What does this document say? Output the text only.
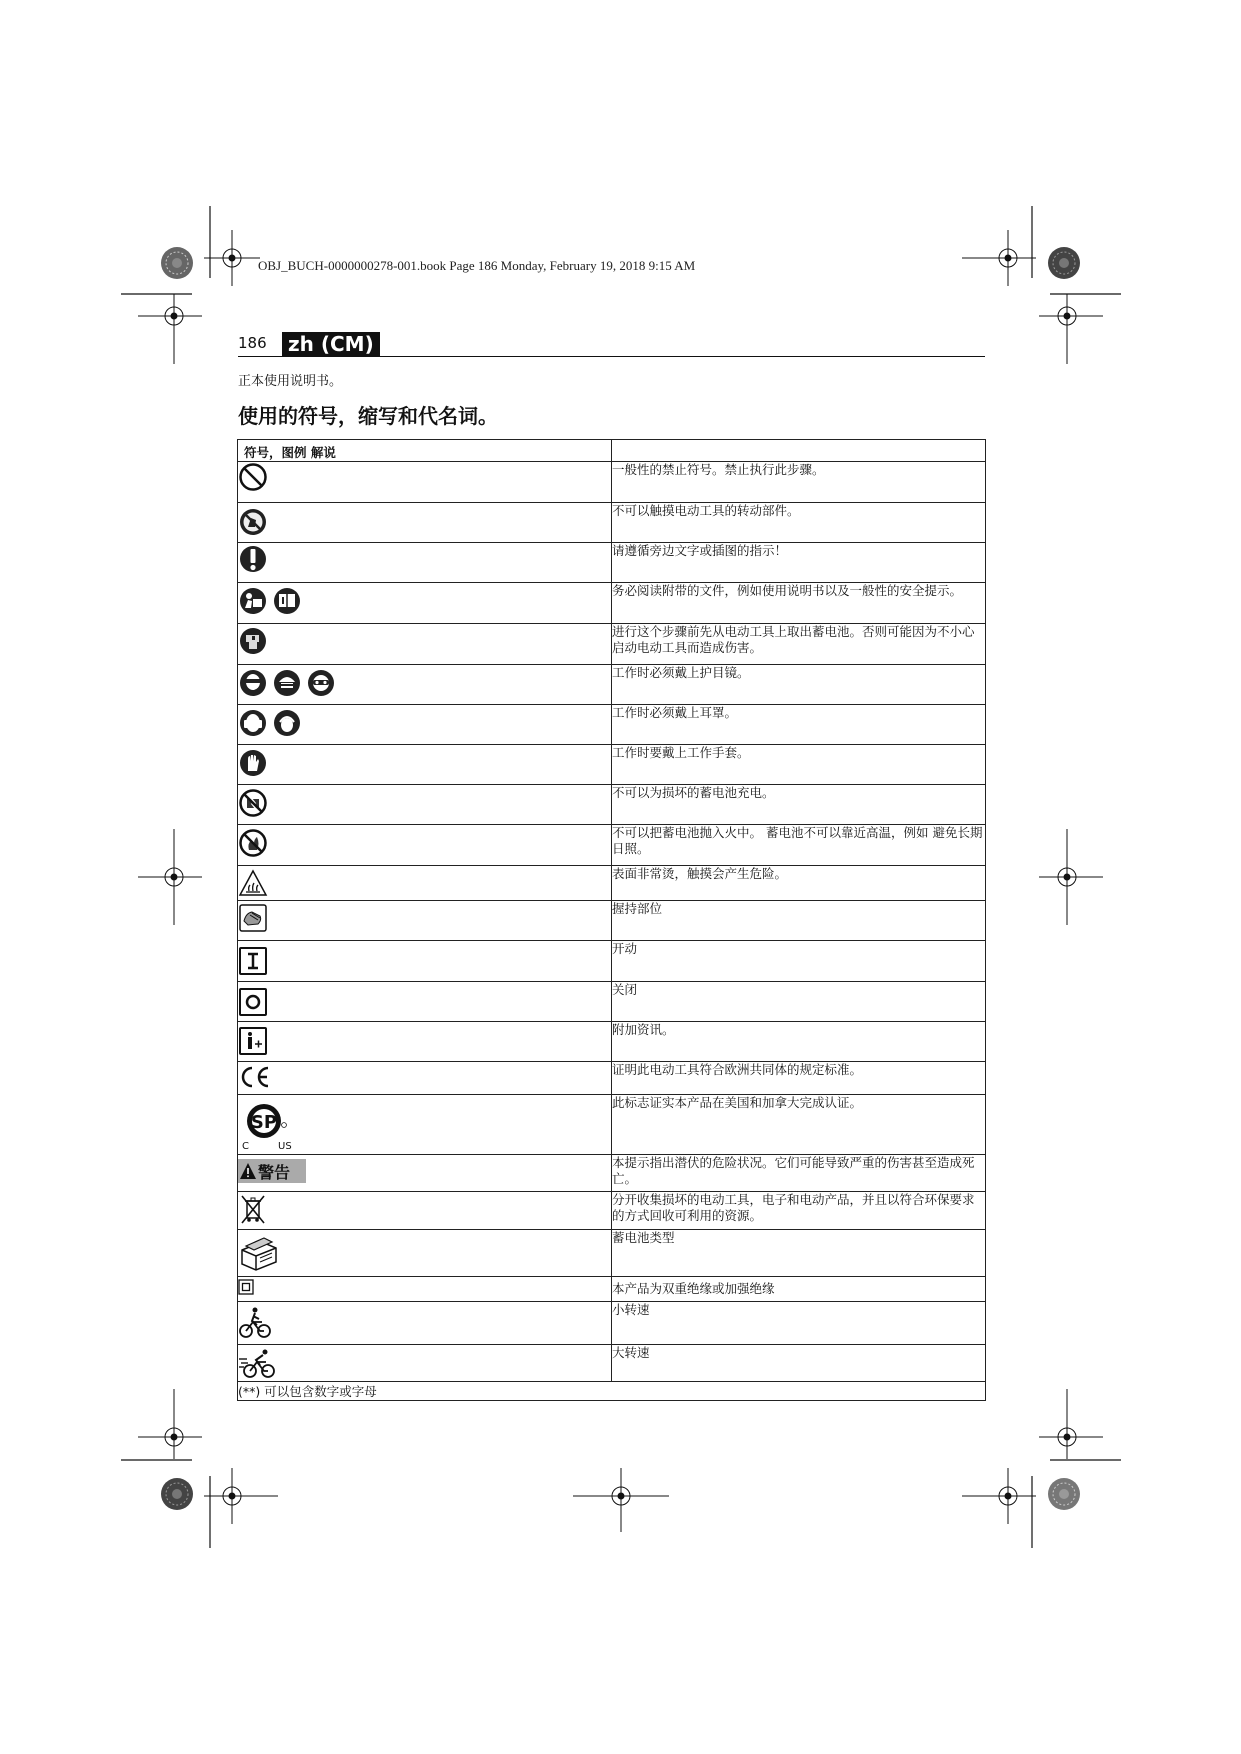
OBJ_BUCH-0000000278-001.book Page 186 Monday, February 19, 2018 9:15 AM
186	zh (CM)
正本使用说明书。
使用的符号，缩写和代名词。
符号，图例 解说	

	一般性的禁止符号。禁止执行此步骤。

	不可以触摸电动工具的转动部件。

	请遵循旁边文字或插图的指示！

	务必阅读附带的文件，例如使用说明书以及一般性的安全提示。

	进行这个步骤前先从电动工具上取出蓄电池。否则可能因为不小心启动电动工具而造成伤害。

	工作时必须戴上护目镜。

	工作时必须戴上耳罩。

	工作时要戴上工作手套。

	不可以为损坏的蓄电池充电。

	不可以把蓄电池抛入火中。 蓄电池不可以靠近高温，例如 避免长期日照。

	表面非常烫，触摸会产生危险。

	握持部位

	开动

	关闭

	附加资讯。

	证明此电动工具符合欧洲共同体的规定标准。

SP
C US	此标志证实本产品在美国和加拿大完成认证。

警告	本提示指出潜伏的危险状况。它们可能导致严重的伤害甚至造成死亡。

	分开收集损坏的电动工具，电子和电动产品，并且以符合环保要求的方式回收可利用的资源。

	蓄电池类型

	本产品为双重绝缘或加强绝缘

	小转速

	大转速
(**) 可以包含数字或字母	
